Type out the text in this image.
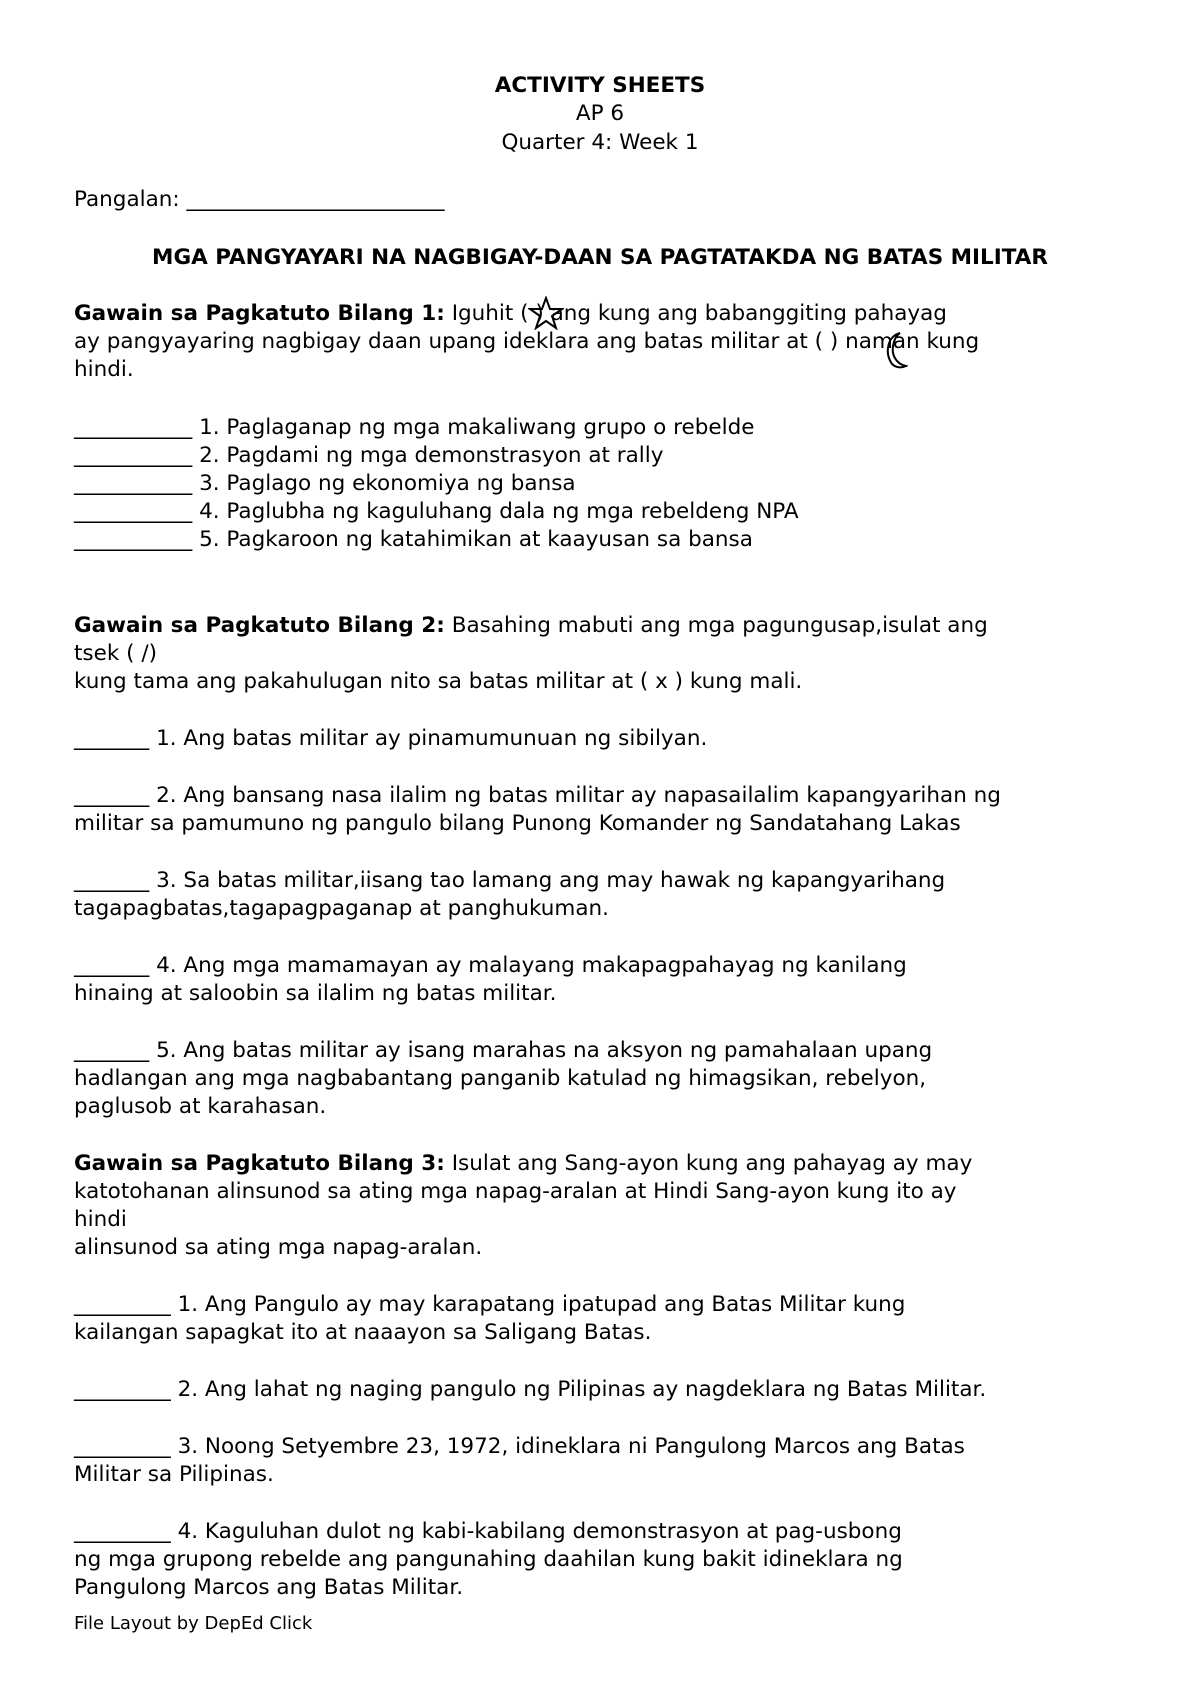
ACTIVITY SHEETS
AP 6
Quarter 4: Week 1
Pangalan: ________________________
MGA PANGYAYARI NA NAGBIGAY-DAAN SA PAGTATAKDA NG BATAS MILITAR
Gawain sa Pagkatuto Bilang 1: Iguhit ( ) ang kung ang babanggiting pahayag
ay pangyayaring nagbigay daan upang ideklara ang batas militar at ( ) naman kung
hindi.
___________ 1. Paglaganap ng mga makaliwang grupo o rebelde
___________ 2. Pagdami ng mga demonstrasyon at rally
___________ 3. Paglago ng ekonomiya ng bansa
___________ 4. Paglubha ng kaguluhang dala ng mga rebeldeng NPA
___________ 5. Pagkaroon ng katahimikan at kaayusan sa bansa
Gawain sa Pagkatuto Bilang 2: Basahing mabuti ang mga pagungusap,isulat ang
tsek ( /)
kung tama ang pakahulugan nito sa batas militar at ( x ) kung mali.
_______ 1. Ang batas militar ay pinamumunuan ng sibilyan.
_______ 2. Ang bansang nasa ilalim ng batas militar ay napasailalim kapangyarihan ng
militar sa pamumuno ng pangulo bilang Punong Komander ng Sandatahang Lakas
_______ 3. Sa batas militar,iisang tao lamang ang may hawak ng kapangyarihang
tagapagbatas,tagapagpaganap at panghukuman.
_______ 4. Ang mga mamamayan ay malayang makapagpahayag ng kanilang
hinaing at saloobin sa ilalim ng batas militar.
_______ 5. Ang batas militar ay isang marahas na aksyon ng pamahalaan upang
hadlangan ang mga nagbabantang panganib katulad ng himagsikan, rebelyon,
paglusob at karahasan.
Gawain sa Pagkatuto Bilang 3: Isulat ang Sang-ayon kung ang pahayag ay may
katotohanan alinsunod sa ating mga napag-aralan at Hindi Sang-ayon kung ito ay
hindi
alinsunod sa ating mga napag-aralan.
_________ 1. Ang Pangulo ay may karapatang ipatupad ang Batas Militar kung
kailangan sapagkat ito at naaayon sa Saligang Batas.
_________ 2. Ang lahat ng naging pangulo ng Pilipinas ay nagdeklara ng Batas Militar.
_________ 3. Noong Setyembre 23, 1972, idineklara ni Pangulong Marcos ang Batas
Militar sa Pilipinas.
_________ 4. Kaguluhan dulot ng kabi-kabilang demonstrasyon at pag-usbong
ng mga grupong rebelde ang pangunahing daahilan kung bakit idineklara ng
Pangulong Marcos ang Batas Militar.
File Layout by DepEd Click
